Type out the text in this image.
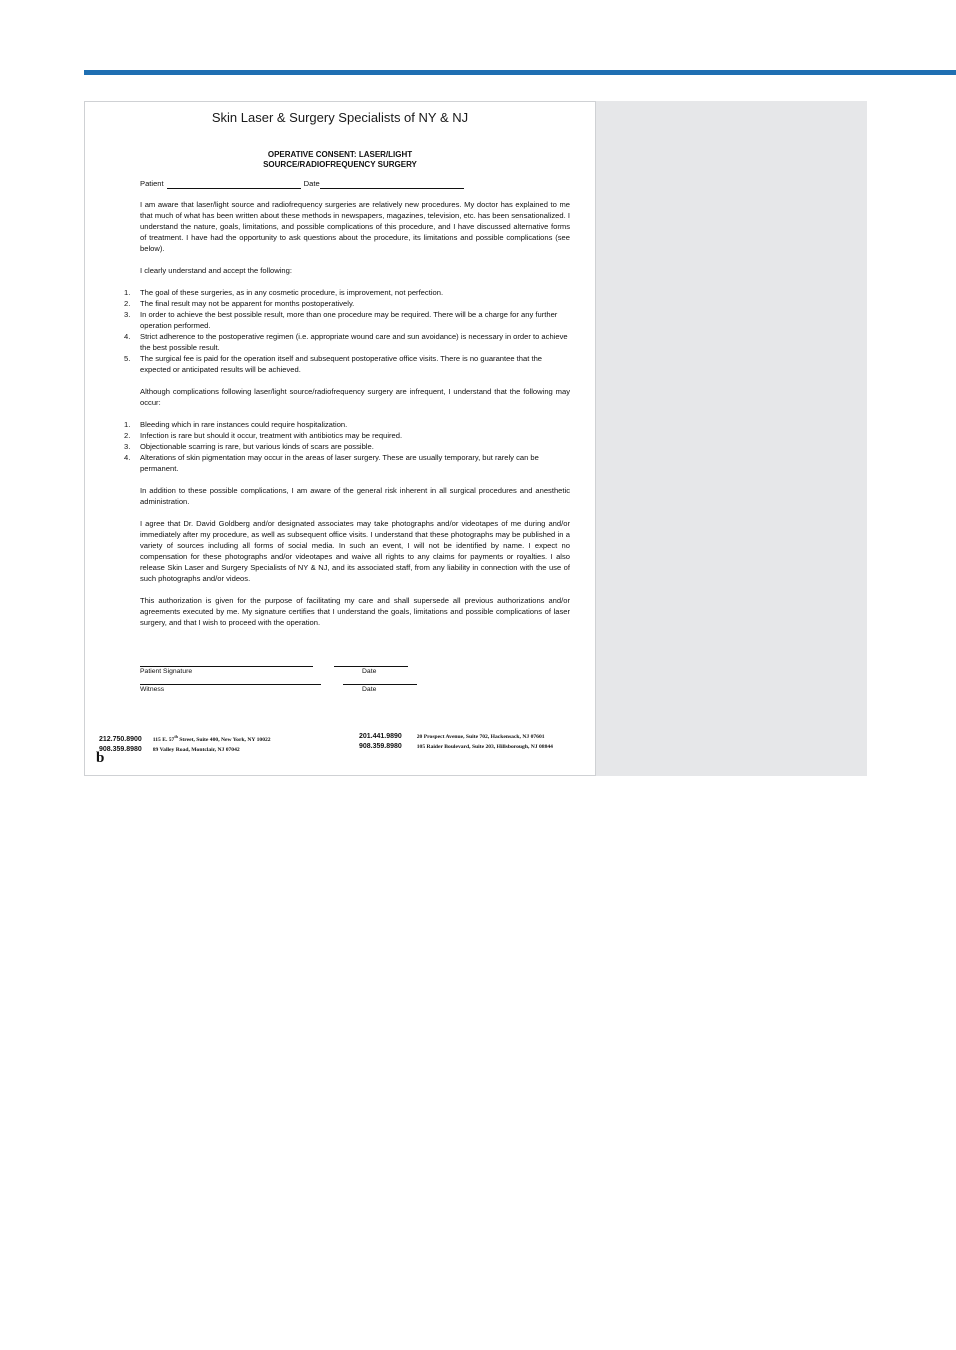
Skin Laser & Surgery Specialists of NY & NJ
OPERATIVE CONSENT: LASER/LIGHT
SOURCE/RADIOFREQUENCY SURGERY
Patient	Date

I am aware that laser/light source and radiofrequency surgeries are relatively new procedures. My doctor has explained to me that much of what has been written about these methods in newspapers, magazines, television, etc. has been sensationalized. I understand the nature, goals, limitations, and possible complications of this procedure, and I have discussed alternative forms of treatment. I have had the opportunity to ask questions about the procedure, its limitations and possible complications (see below).

I clearly understand and accept the following:

1. The goal of these surgeries, as in any cosmetic procedure, is improvement, not perfection.
2. The final result may not be apparent for months postoperatively.
3. In order to achieve the best possible result, more than one procedure may be required. There will be a charge for any further operation performed.
4. Strict adherence to the postoperative regimen (i.e. appropriate wound care and sun avoidance) is necessary in order to achieve the best possible result.
5. The surgical fee is paid for the operation itself and subsequent postoperative office visits. There is no guarantee that the expected or anticipated results will be achieved.

Although complications following laser/light source/radiofrequency surgery are infrequent, I understand that the following may occur:

1. Bleeding which in rare instances could require hospitalization.
2. Infection is rare but should it occur, treatment with antibiotics may be required.
3. Objectionable scarring is rare, but various kinds of scars are possible.
4. Alterations of skin pigmentation may occur in the areas of laser surgery. These are usually temporary, but rarely can be permanent.

In addition to these possible complications, I am aware of the general risk inherent in all surgical procedures and anesthetic administration.

I agree that Dr. David Goldberg and/or designated associates may take photographs and/or videotapes of me during and/or immediately after my procedure, as well as subsequent office visits. I understand that these photographs may be published in a variety of sources including all forms of social media. In such an event, I will not be identified by name. I expect no compensation for these photographs and/or videotapes and waive all rights to any claims for payments or royalties. I also release Skin Laser and Surgery Specialists of NY & NJ, and its associated staff, from any liability in connection with the use of such photographs and/or videos.

This authorization is given for the purpose of facilitating my care and shall supersede all previous authorizations and/or agreements executed by me. My signature certifies that I understand the goals, limitations and possible complications of laser surgery, and that I wish to proceed with the operation.

Patient Signature	Date
Witness	Date
212.750.8900 115 E. 57th Street, Suite 400, New York, NY 10022
908.359.8980 89 Valley Road, Montclair, NJ 07042
201.441.9890	20 Prospect Avenue, Suite 702, Hackensack, NJ 07601
908.359.8980	105 Raider Boulevard, Suite 203, Hillsborough, NJ 08844
b
